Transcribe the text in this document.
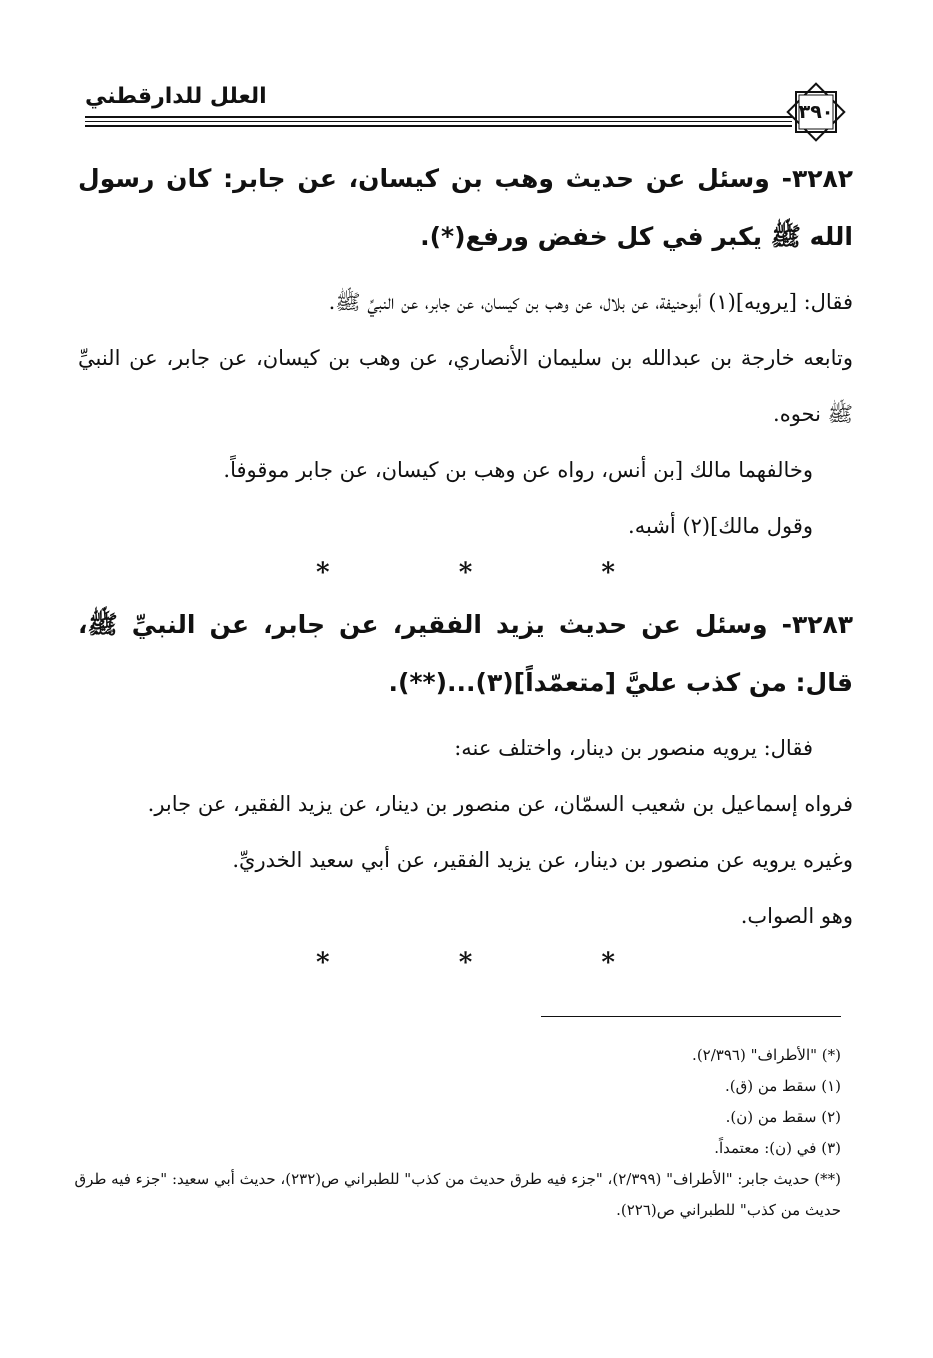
العلل للدارقطني
٣٩٠

٣٢٨٢- وسئل عن حديث وهب بن كيسان، عن جابر: كان رسول الله ﷺ يكبر في كل خفض ورفع(*).

فقال: [يرويه](١) أبوحنيفة، عن بلال، عن وهب بن كيسان، عن جابر، عن النبيِّ ﷺ.

وتابعه خارجة بن عبدالله بن سليمان الأنصاري، عن وهب بن كيسان، عن جابر، عن النبيِّ ﷺ نحوه.

وخالفهما مالك [بن أنس، رواه عن وهب بن كيسان، عن جابر موقوفاً.

وقول مالك](٢) أشبه.

* * *

٣٢٨٣- وسئل عن حديث يزيد الفقير، عن جابر، عن النبيِّ ﷺ، قال: من كذب عليَّ [متعمّداً](٣)...(**).

فقال: يرويه منصور بن دينار، واختلف عنه:

فرواه إسماعيل بن شعيب السمّان، عن منصور بن دينار، عن يزيد الفقير، عن جابر.

وغيره يرويه عن منصور بن دينار، عن يزيد الفقير، عن أبي سعيد الخدريِّ.

وهو الصواب.

* * *

(*) "الأطراف" (٢/٣٩٦).

(١) سقط من (ق).

(٢) سقط من (ن).

(٣) في (ن): معتمداً.

(**) حديث جابر: "الأطراف" (٢/٣٩٩)، "جزء فيه طرق حديث من كذب" للطبراني ص(٢٣٢)، حديث أبي سعيد: "جزء فيه طرق حديث من كذب" للطبراني ص(٢٢٦).
